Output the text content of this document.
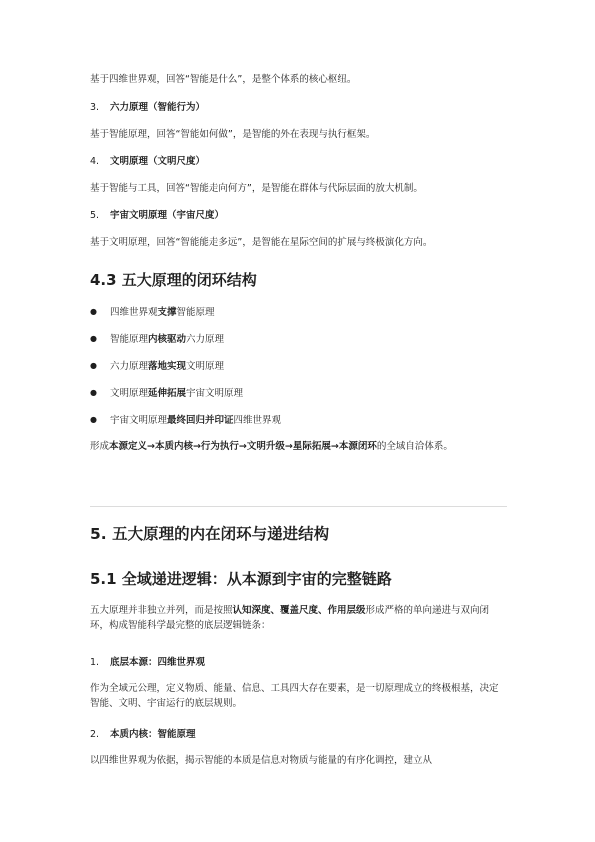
基于四维世界观，回答“智能是什么”，是整个体系的核心枢纽。

3. 六力原理（智能行为）

基于智能原理，回答“智能如何做”，是智能的外在表现与执行框架。

4. 文明原理（文明尺度）

基于智能与工具，回答“智能走向何方”，是智能在群体与代际层面的放大机制。

5. 宇宙文明原理（宇宙尺度）

基于文明原理，回答“智能能走多远”，是智能在星际空间的扩展与终极演化方向。

4.3 五大原理的闭环结构

● 四维世界观支撑智能原理

● 智能原理内核驱动六力原理

● 六力原理落地实现文明原理

● 文明原理延伸拓展宇宙文明原理

● 宇宙文明原理最终回归并印证四维世界观

形成本源定义→本质内核→行为执行→文明升级→星际拓展→本源闭环的全域自洽体系。

5. 五大原理的内在闭环与递进结构
5.1 全域递进逻辑：从本源到宇宙的完整链路

五大原理并非独立并列，而是按照认知深度、覆盖尺度、作用层级形成严格的单向递进与双向闭环，构成智能科学最完整的底层逻辑链条：

1. 底层本源：四维世界观

作为全域元公理，定义物质、能量、信息、工具四大存在要素，是一切原理成立的终极根基，决定智能、文明、宇宙运行的底层规则。

2. 本质内核：智能原理

以四维世界观为依据，揭示智能的本质是信息对物质与能量的有序化调控，建立从
